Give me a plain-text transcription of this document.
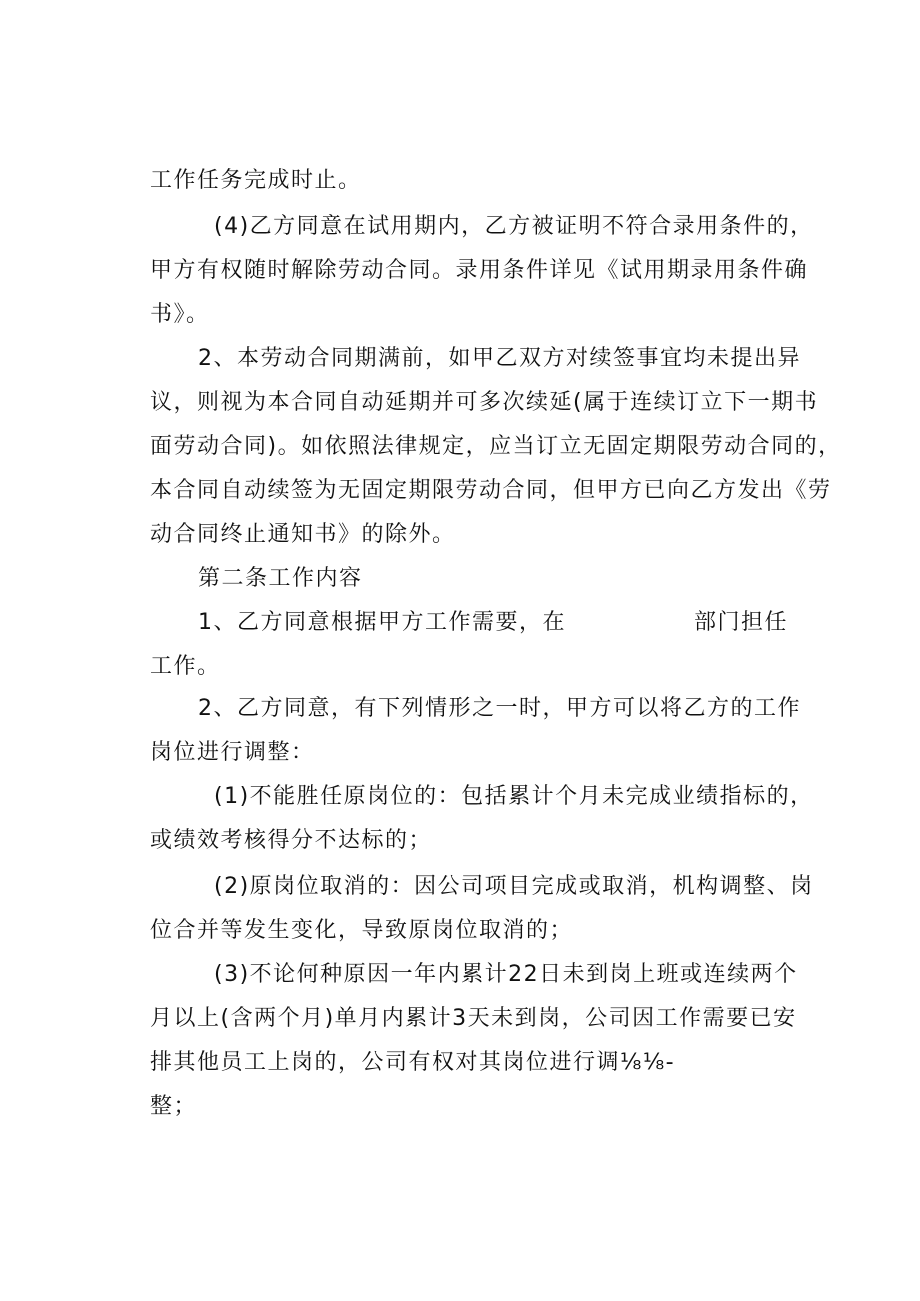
工作任务完成时止。
(4)乙方同意在试用期内，乙方被证明不符合录用条件的，
甲方有权随时解除劳动合同。录用条件详见《试用期录用条件确
书》。
2、本劳动合同期满前，如甲乙双方对续签事宜均未提出异
议，则视为本合同自动延期并可多次续延(属于连续订立下一期书
面劳动合同)。如依照法律规定，应当订立无固定期限劳动合同的，
本合同自动续签为无固定期限劳动合同，但甲方已向乙方发出《劳
动合同终止通知书》的除外。
第二条工作内容
1、乙方同意根据甲方工作需要，在	部门担任
工作。
2、乙方同意，有下列情形之一时，甲方可以将乙方的工作
岗位进行调整：
(1)不能胜任原岗位的：包括累计个月未完成业绩指标的，
或绩效考核得分不达标的；
(2)原岗位取消的：因公司项目完成或取消，机构调整、岗
位合并等发生变化，导致原岗位取消的；
(3)不论何种原因一年内累计22日未到岗上班或连续两个
月以上(含两个月)单月内累计3天未到岗，公司因工作需要已安
排其他员工上岗的，公司有权对其岗位进行调⅛⅛-
整；
